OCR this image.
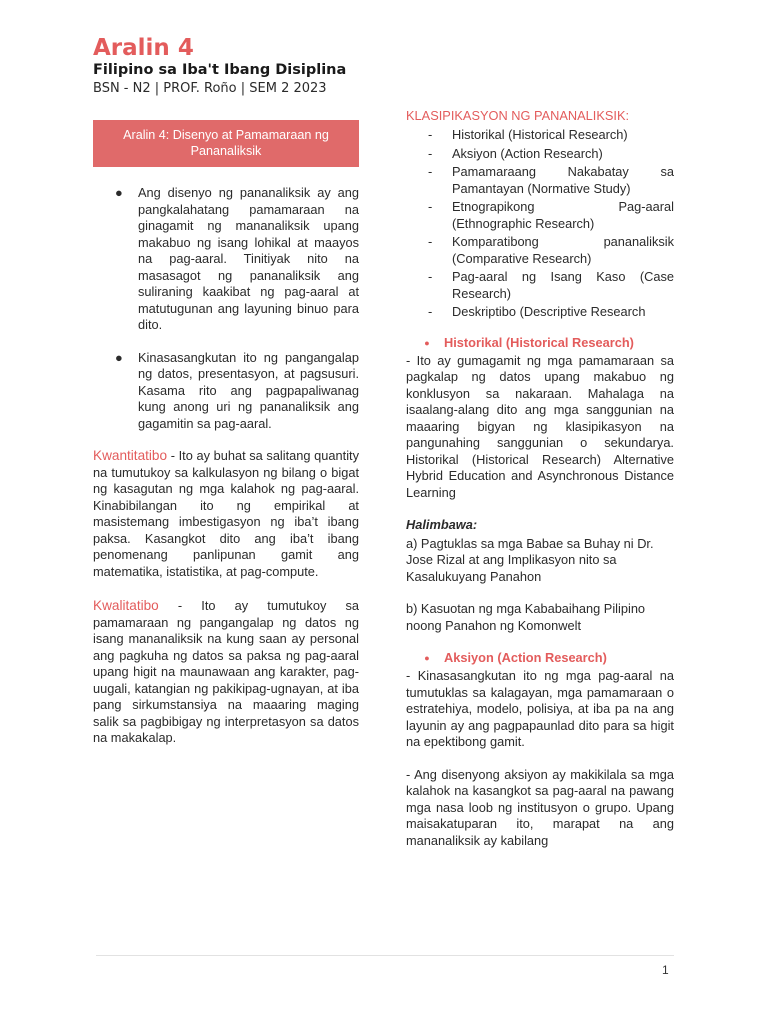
Aralin 4
Filipino sa Iba't Ibang Disiplina
BSN - N2 | PROF. Roño | SEM 2 2023
Aralin 4: Disenyo at Pamamaraan ng Pananaliksik
● Ang disenyo ng pananaliksik ay ang pangkalahatang pamamaraan na ginagamit ng mananaliksik upang makabuo ng isang lohikal at maayos na pag-aaral. Tinitiyak nito na masasagot ng pananaliksik ang suliraning kaakibat ng pag-aaral at matutugunan ang layuning binuo para dito.
● Kinasasangkutan ito ng pangangalap ng datos, presentasyon, at pagsusuri. Kasama rito ang pagpapaliwanag kung anong uri ng pananaliksik ang gagamitin sa pag-aaral.

Kwantitatibo - Ito ay buhat sa salitang quantity na tumutukoy sa kalkulasyon ng bilang o bigat ng kasagutan ng mga kalahok ng pag-aaral. Kinabibilangan ito ng empirikal at masistemang imbestigasyon ng iba’t ibang paksa. Kasangkot dito ang iba’t ibang penomenang panlipunan gamit ang matematika, istatistika, at pag-compute.

Kwalitatibo - Ito ay tumutukoy sa pamamaraan ng pangangalap ng datos ng isang mananaliksik na kung saan ay personal ang pagkuha ng datos sa paksa ng pag-aaral upang higit na maunawaan ang karakter, pag-uugali, katangian ng pakikipag-ugnayan, at iba pang sirkumstansiya na maaaring maging salik sa pagbibigay ng interpretasyon sa datos na makakalap.

KLASIPIKASYON NG PANANALIKSIK:
- Historikal (Historical Research)
- Aksiyon (Action Research)
- Pamamaraang Nakabatay sa Pamantayan (Normative Study)
- Etnograpikong Pag-aaral (Ethnographic Research)
- Komparatibong pananaliksik (Comparative Research)
- Pag-aaral ng Isang Kaso (Case Research)
- Deskriptibo (Descriptive Research
● Historikal (Historical Research)

- Ito ay gumagamit ng mga pamamaraan sa pagkalap ng datos upang makabuo ng konklusyon sa nakaraan. Mahalaga na isaalang-alang dito ang mga sanggunian na maaaring bigyan ng klasipikasyon na pangunahing sanggunian o sekundarya. Historikal (Historical Research) Alternative Hybrid Education and Asynchronous Distance Learning

Halimbawa:

a) Pagtuklas sa mga Babae sa Buhay ni Dr. Jose Rizal at ang Implikasyon nito sa Kasalukuyang Panahon

b) Kasuotan ng mga Kababaihang Pilipino noong Panahon ng Komonwelt

● Aksiyon (Action Research)

- Kinasasangkutan ito ng mga pag-aaral na tumutuklas sa kalagayan, mga pamamaraan o estratehiya, modelo, polisiya, at iba pa na ang layunin ay ang pagpapaunlad dito para sa higit na epektibong gamit.

- Ang disenyong aksiyon ay makikilala sa mga kalahok na kasangkot sa pag-aaral na pawang mga nasa loob ng institusyon o grupo. Upang maisakatuparan ito, marapat na ang mananaliksik ay kabilang

1
